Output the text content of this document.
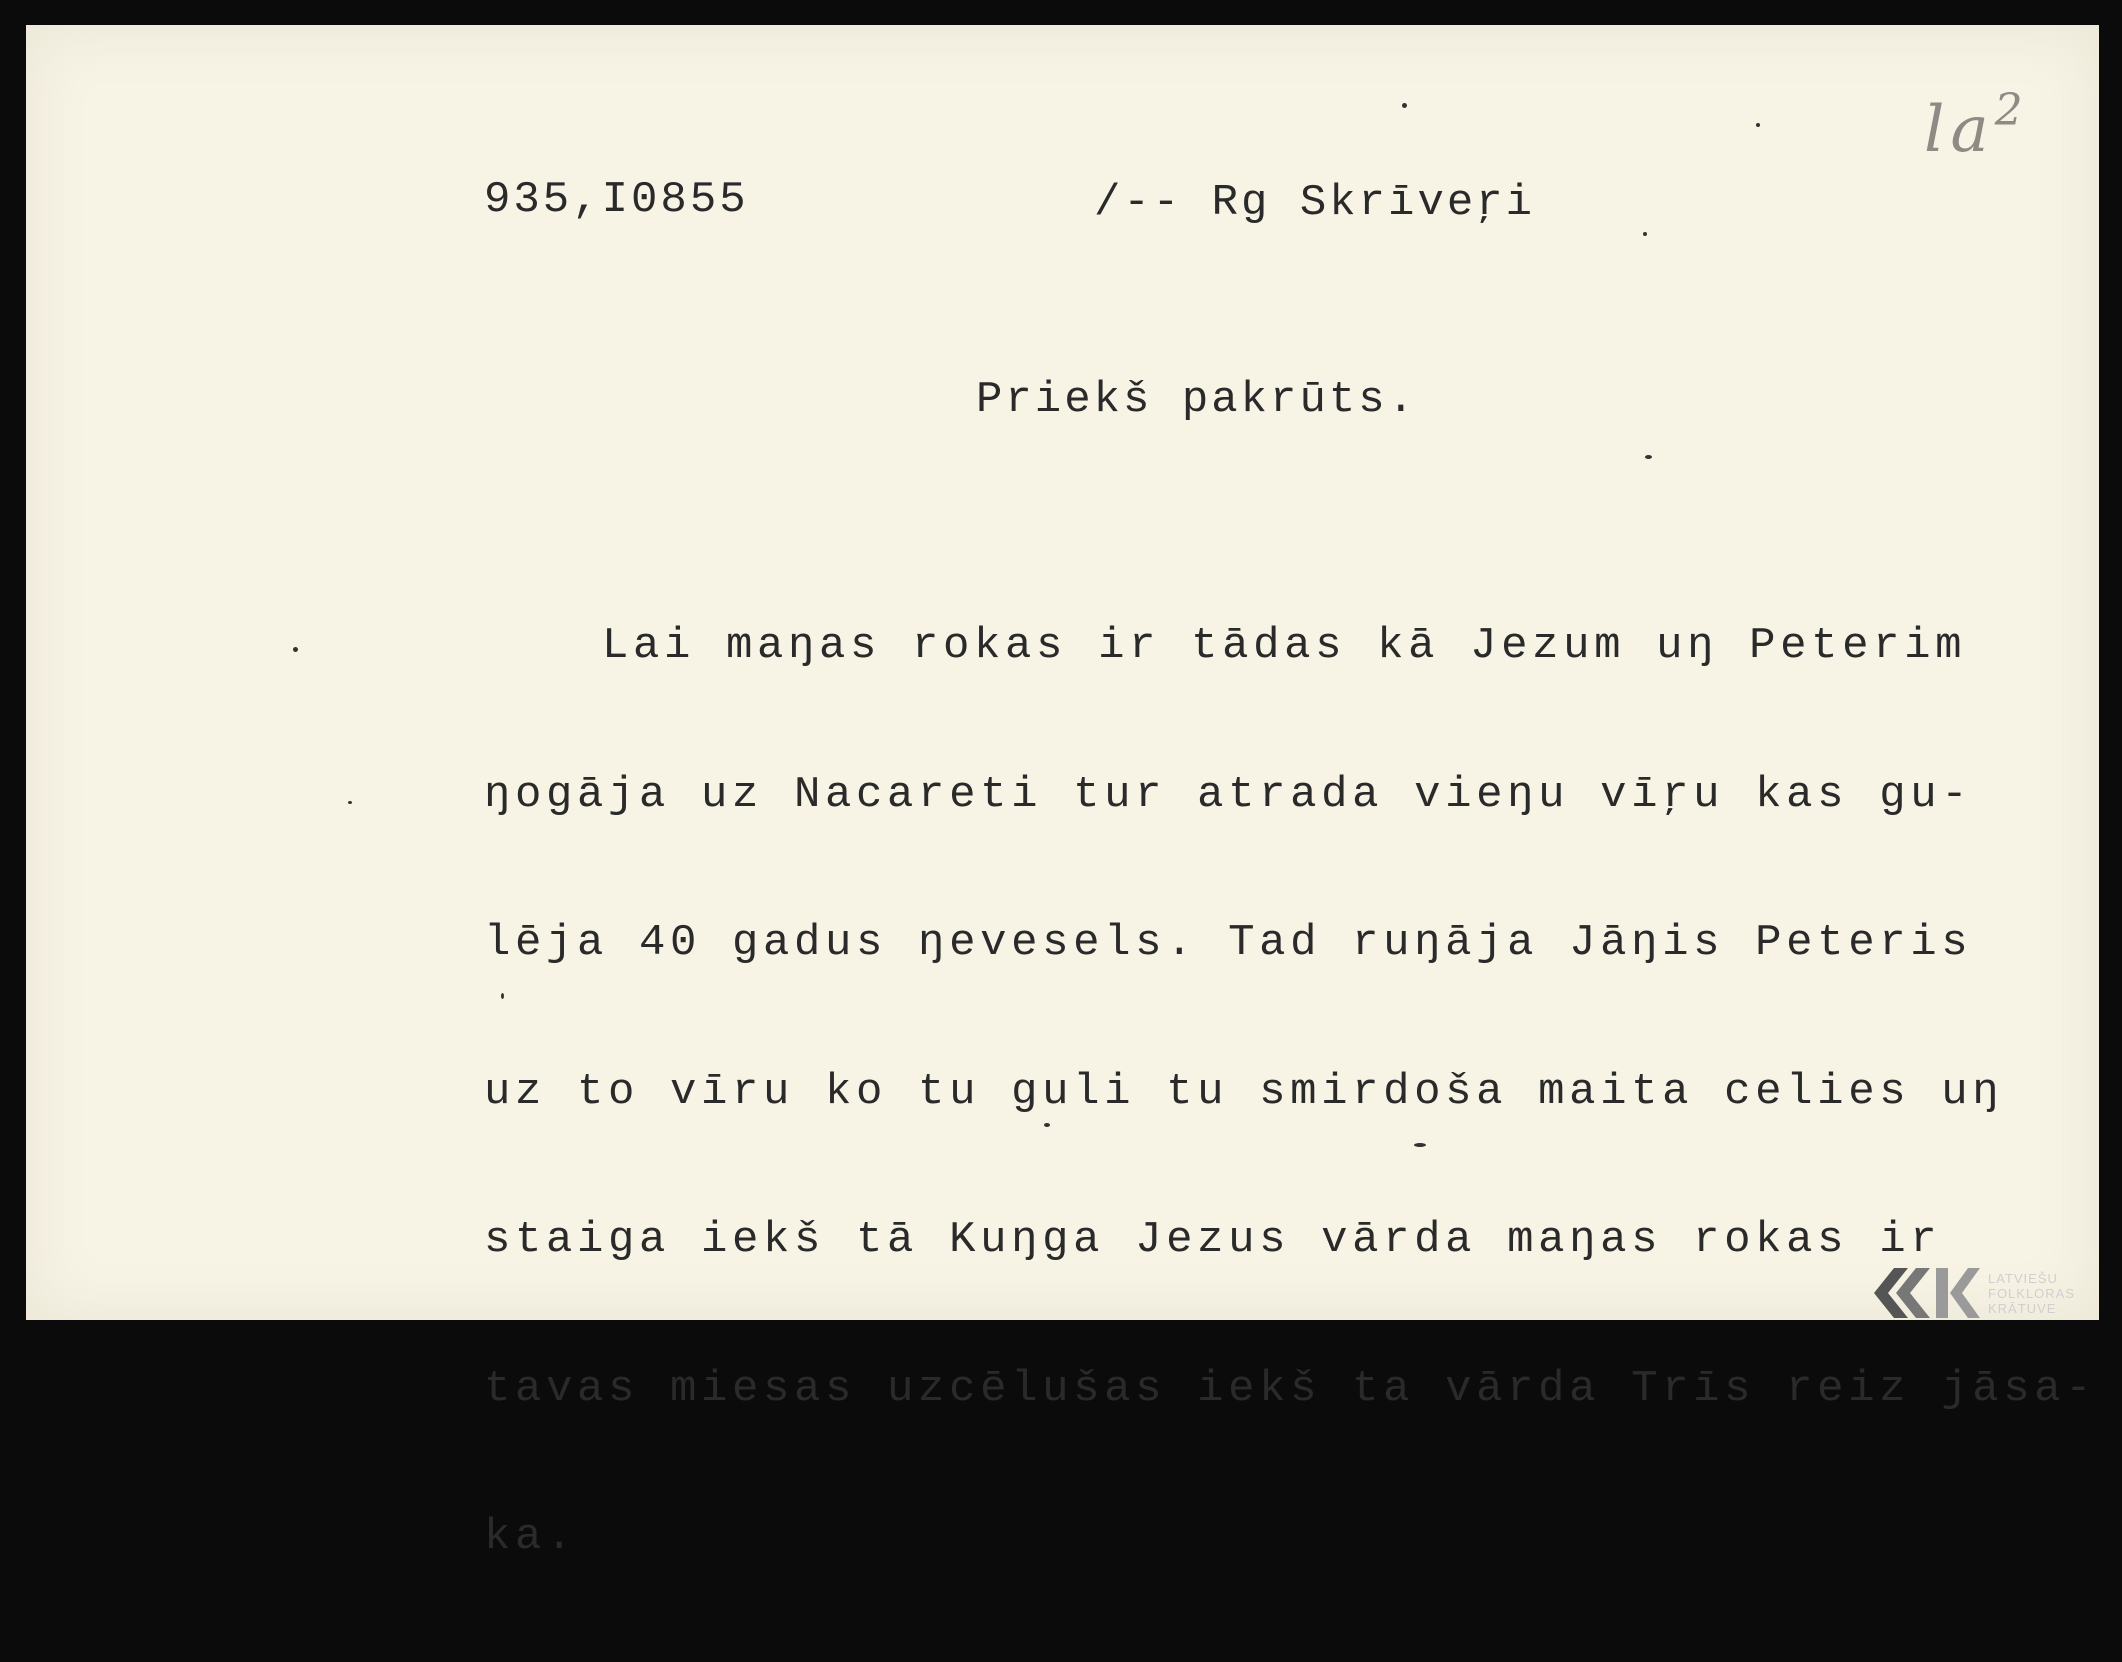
935,I0855	/-- Rg Skrīveŗi
$la^2$
Priekš pakrūts.

Lai maŋas rokas ir tādas kā Jezum uŋ Peterim

ŋogāja uz Nacareti tur atrada vieŋu vīŗu kas gu-

lēja 40 gadus ŋevesels. Tad ruŋāja Jāŋis Peteris

uz to vīru ko tu guli tu smirdoša maita celies uŋ

staiga iekš tā Kuŋga Jezus vārda maŋas rokas ir

tavas miesas uzcēlušas iekš ta vārda Trīs reiz jāsa-

ka.

LATVIEŠU
FOLKLORAS
KRĀTUVE
